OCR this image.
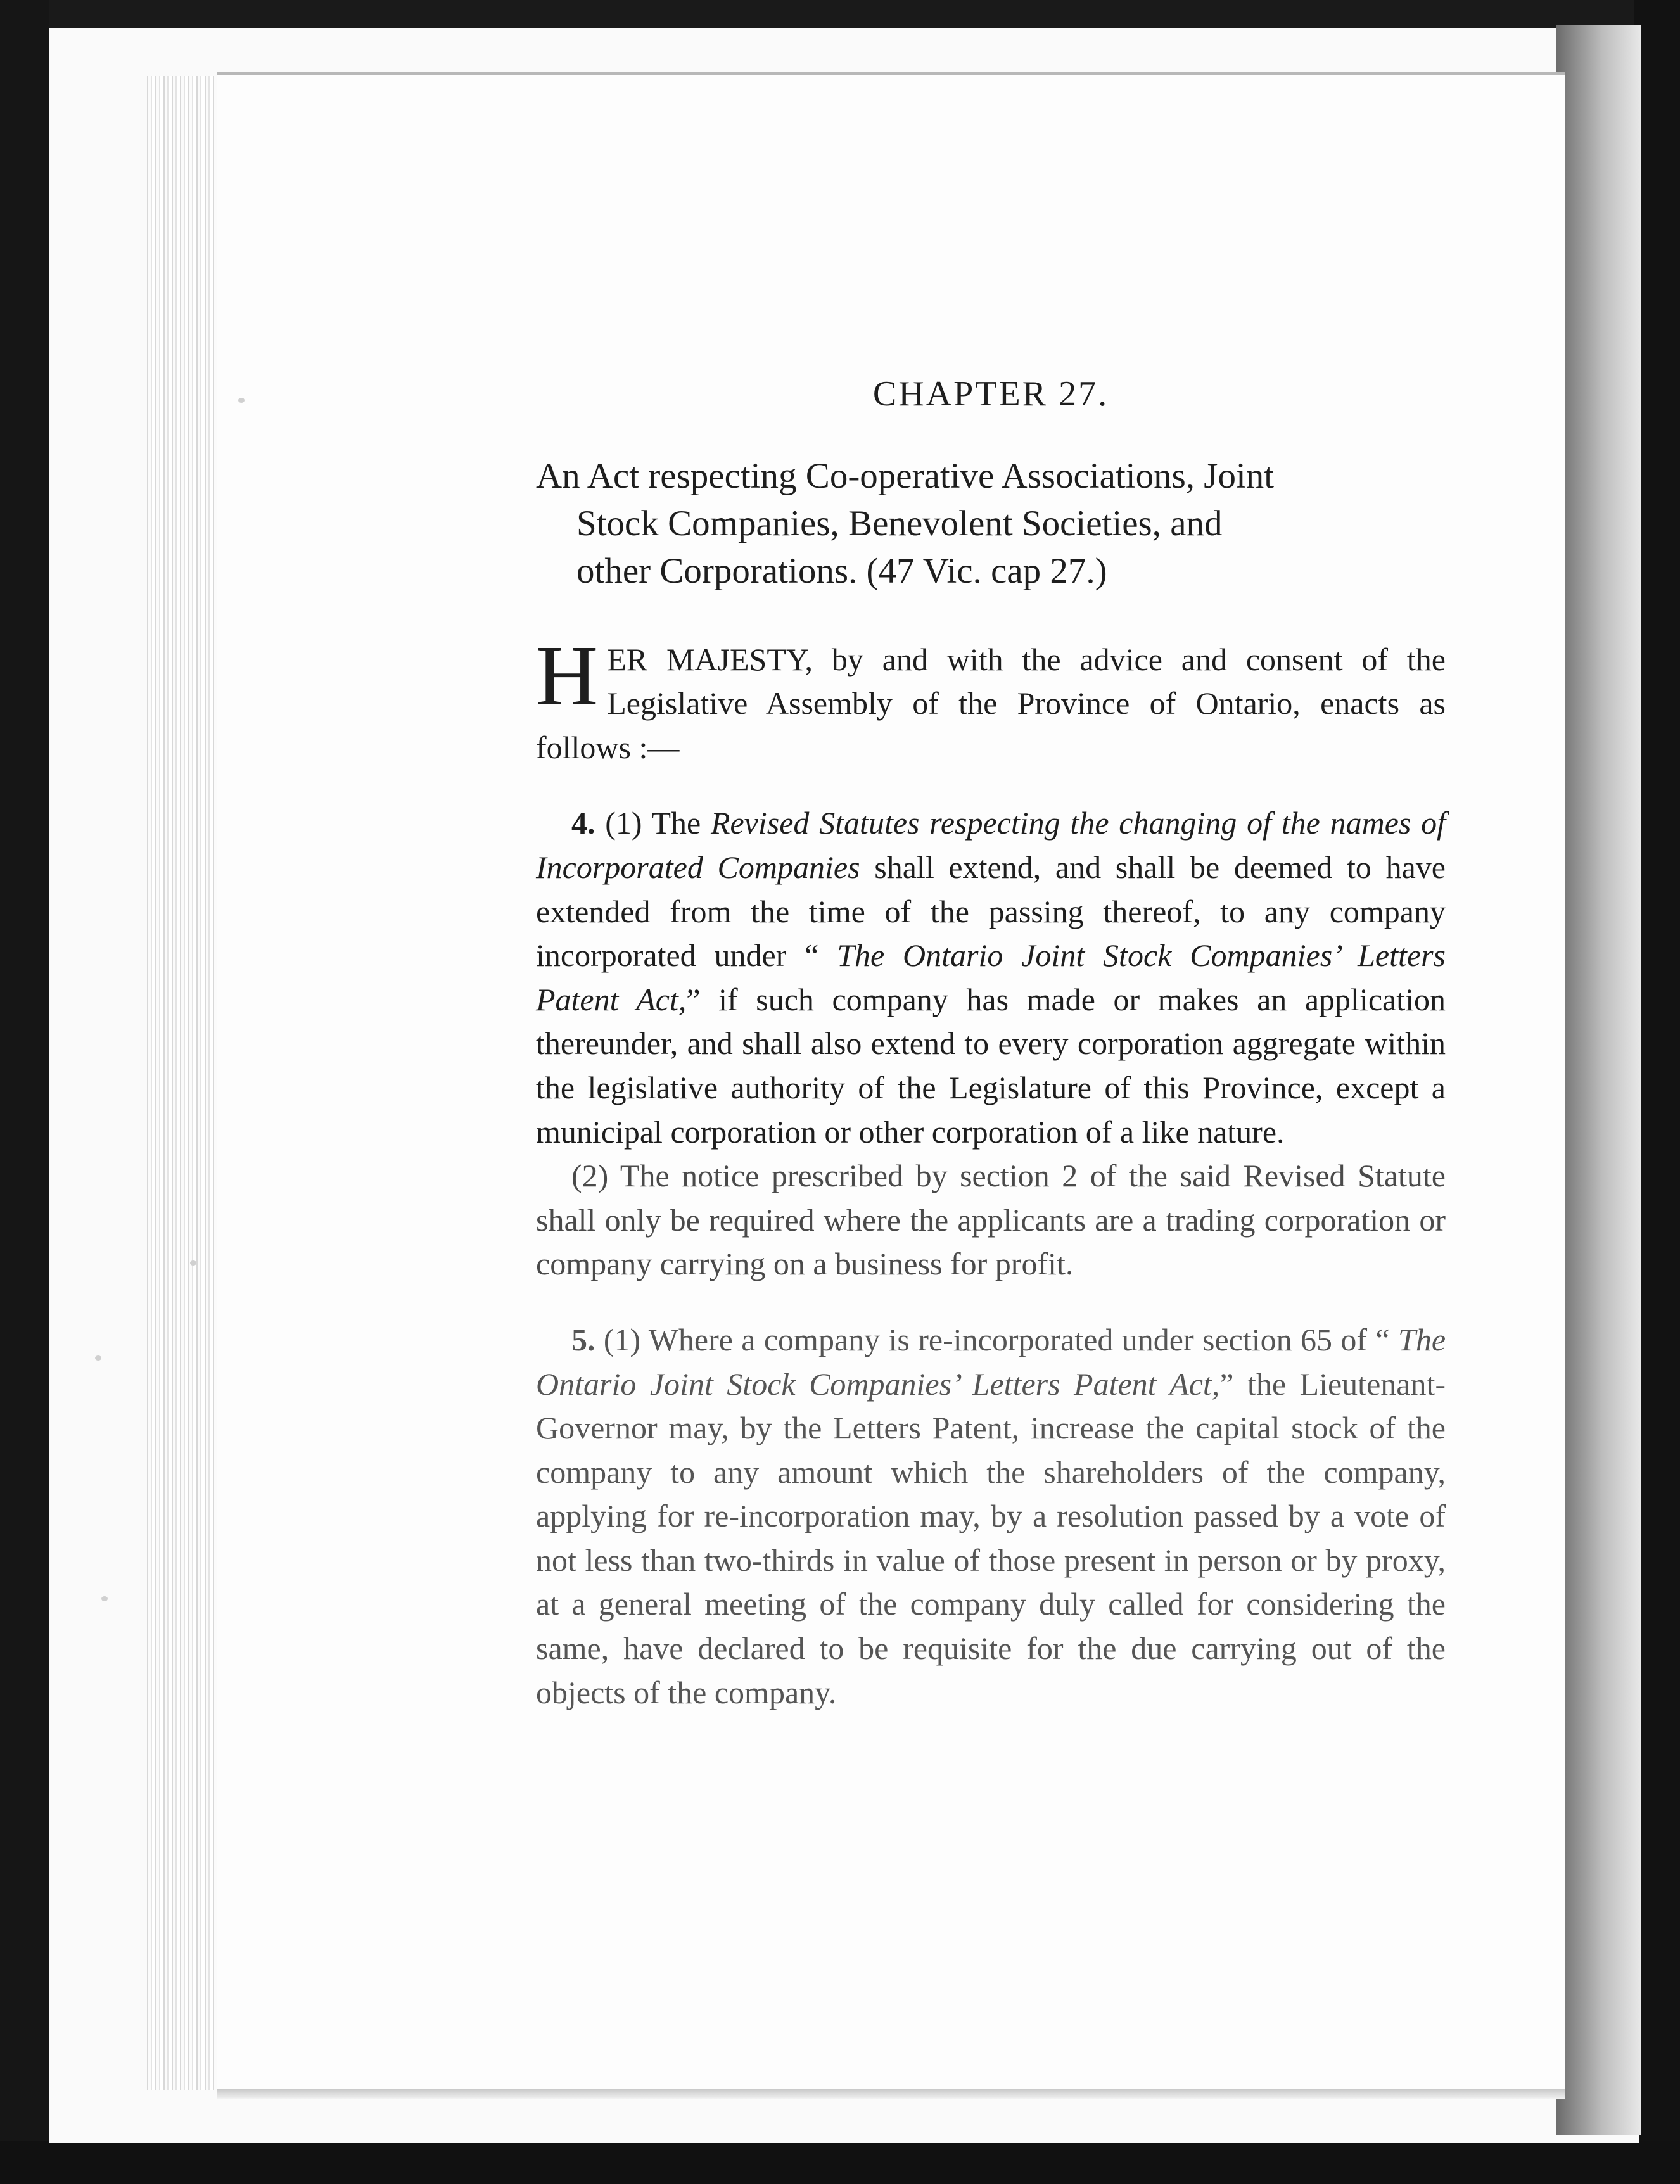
CHAPTER 27.
An Act respecting Co-operative Associations, Joint
Stock Companies, Benevolent Societies, and
other Corporations. (47 Vic. cap 27.)

HER MAJESTY, by and with the advice and consent of the Legislative Assembly of the Province of Ontario, enacts as follows :—

4. (1) The Revised Statutes respecting the changing of the names of Incorporated Companies shall extend, and shall be deemed to have extended from the time of the passing thereof, to any company incorporated under “ The Ontario Joint Stock Companies’ Letters Patent Act,” if such company has made or makes an application thereunder, and shall also extend to every corporation aggregate within the legislative authority of the Legislature of this Province, except a municipal corporation or other corporation of a like nature.

(2) The notice prescribed by section 2 of the said Revised Statute shall only be required where the applicants are a trading corporation or company carrying on a business for profit.

5. (1) Where a company is re-incorporated under section 65 of “ The Ontario Joint Stock Companies’ Letters Patent Act,” the Lieutenant-Governor may, by the Letters Patent, increase the capital stock of the company to any amount which the shareholders of the company, applying for re-incorporation may, by a resolution passed by a vote of not less than two-thirds in value of those present in person or by proxy, at a general meeting of the company duly called for considering the same, have declared to be requisite for the due carrying out of the objects of the company.
